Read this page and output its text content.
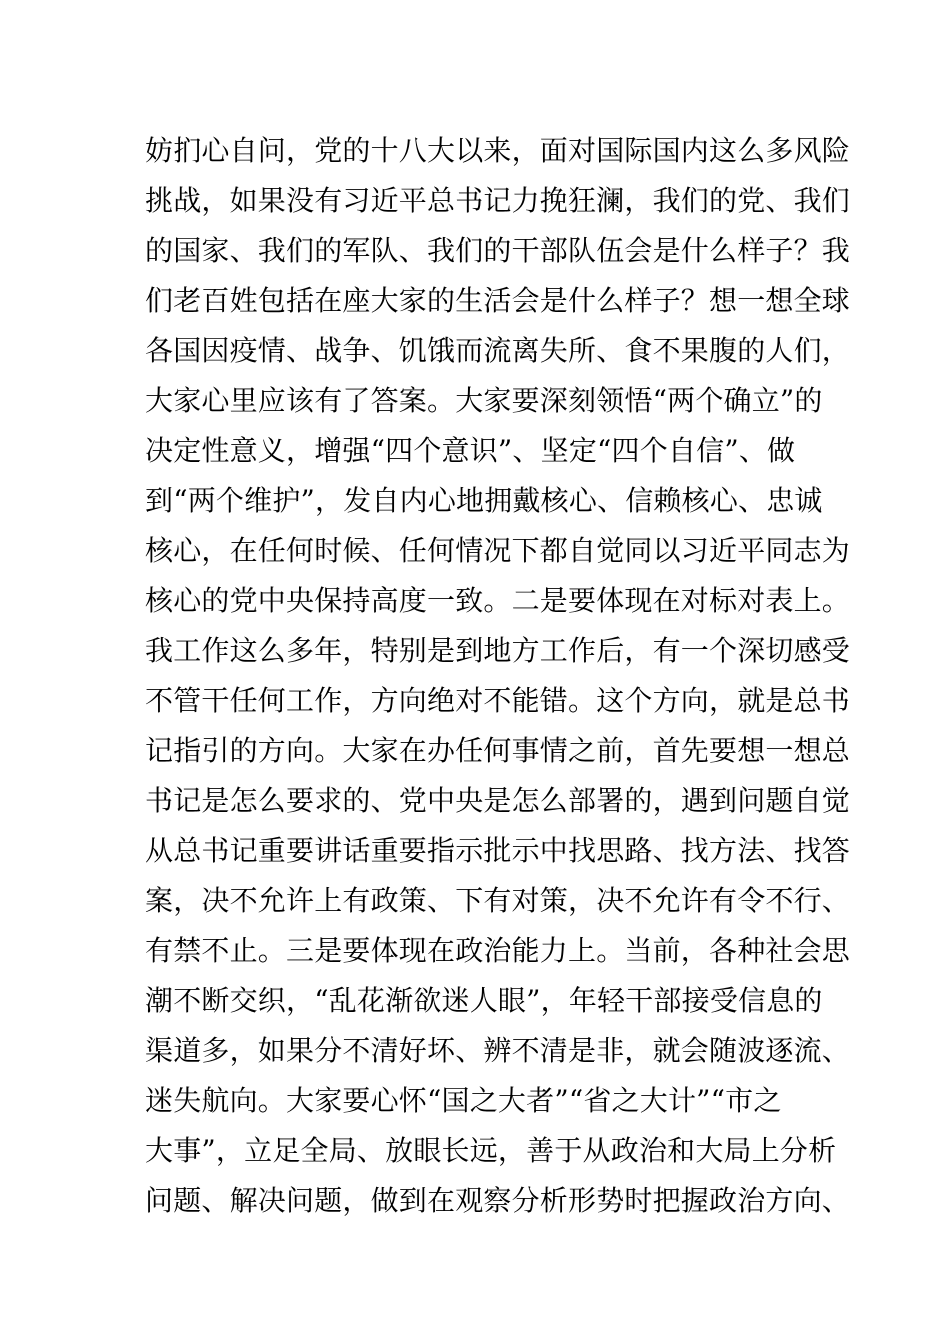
妨扪心自问，党的十八大以来，面对国际国内这么多风险
挑战，如果没有习近平总书记力挽狂澜，我们的党、我们
的国家、我们的军队、我们的干部队伍会是什么样子？我
们老百姓包括在座大家的生活会是什么样子？想一想全球
各国因疫情、战争、饥饿而流离失所、食不果腹的人们，
大家心里应该有了答案。大家要深刻领悟“两个确立”的
决定性意义，增强“四个意识”、坚定“四个自信”、做
到“两个维护”，发自内心地拥戴核心、信赖核心、忠诚
核心，在任何时候、任何情况下都自觉同以习近平同志为
核心的党中央保持高度一致。二是要体现在对标对表上。
我工作这么多年，特别是到地方工作后，有一个深切感受
不管干任何工作，方向绝对不能错。这个方向，就是总书
记指引的方向。大家在办任何事情之前，首先要想一想总
书记是怎么要求的、党中央是怎么部署的，遇到问题自觉
从总书记重要讲话重要指示批示中找思路、找方法、找答
案，决不允许上有政策、下有对策，决不允许有令不行、
有禁不止。三是要体现在政治能力上。当前，各种社会思
潮不断交织，“乱花渐欲迷人眼”，年轻干部接受信息的
渠道多，如果分不清好坏、辨不清是非，就会随波逐流、
迷失航向。大家要心怀“国之大者”“省之大计”“市之
大事”，立足全局、放眼长远，善于从政治和大局上分析
问题、解决问题，做到在观察分析形势时把握政治方向、
